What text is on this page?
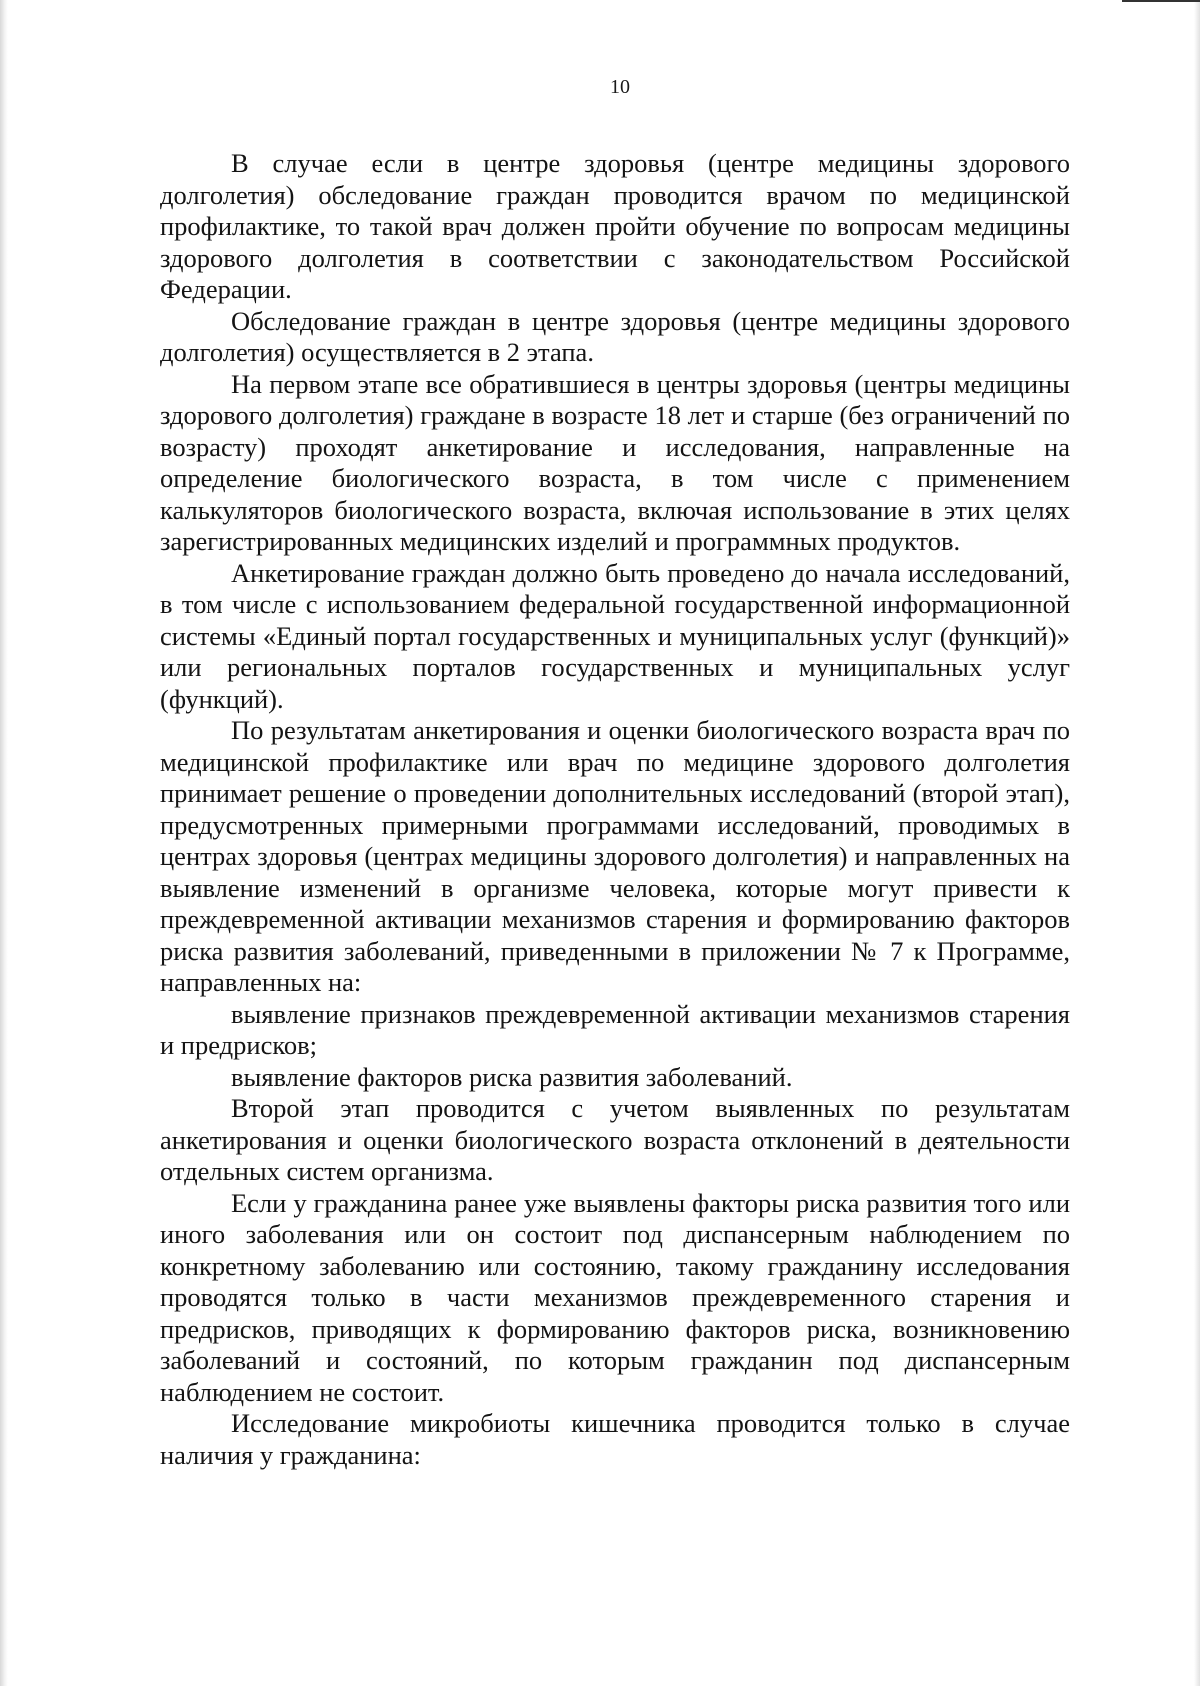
10

В случае если в центре здоровья (центре медицины здорового долголетия) обследование граждан проводится врачом по медицинской профилактике, то такой врач должен пройти обучение по вопросам медицины здорового долголетия в соответствии с законодательством Российской Федерации.

Обследование граждан в центре здоровья (центре медицины здорового долголетия) осуществляется в 2 этапа.

На первом этапе все обратившиеся в центры здоровья (центры медицины здорового долголетия) граждане в возрасте 18 лет и старше (без ограничений по возрасту) проходят анкетирование и исследования, направленные на определение биологического возраста, в том числе с применением калькуляторов биологического возраста, включая использование в этих целях зарегистрированных медицинских изделий и программных продуктов.

Анкетирование граждан должно быть проведено до начала исследований, в том числе с использованием федеральной государственной информационной системы «Единый портал государственных и муниципальных услуг (функций)» или региональных порталов государственных и муниципальных услуг (функций).

По результатам анкетирования и оценки биологического возраста врач по медицинской профилактике или врач по медицине здорового долголетия принимает решение о проведении дополнительных исследований (второй этап), предусмотренных примерными программами исследований, проводимых в центрах здоровья (центрах медицины здорового долголетия) и направленных на выявление изменений в организме человека, которые могут привести к преждевременной активации механизмов старения и формированию факторов риска развития заболеваний, приведенными в приложении № 7 к Программе, направленных на:

выявление признаков преждевременной активации механизмов старения и предрисков;

выявление факторов риска развития заболеваний.

Второй этап проводится с учетом выявленных по результатам анкетирования и оценки биологического возраста отклонений в деятельности отдельных систем организма.

Если у гражданина ранее уже выявлены факторы риска развития того или иного заболевания или он состоит под диспансерным наблюдением по конкретному заболеванию или состоянию, такому гражданину исследования проводятся только в части механизмов преждевременного старения и предрисков, приводящих к формированию факторов риска, возникновению заболеваний и состояний, по которым гражданин под диспансерным наблюдением не состоит.

Исследование микробиоты кишечника проводится только в случае наличия у гражданина:
